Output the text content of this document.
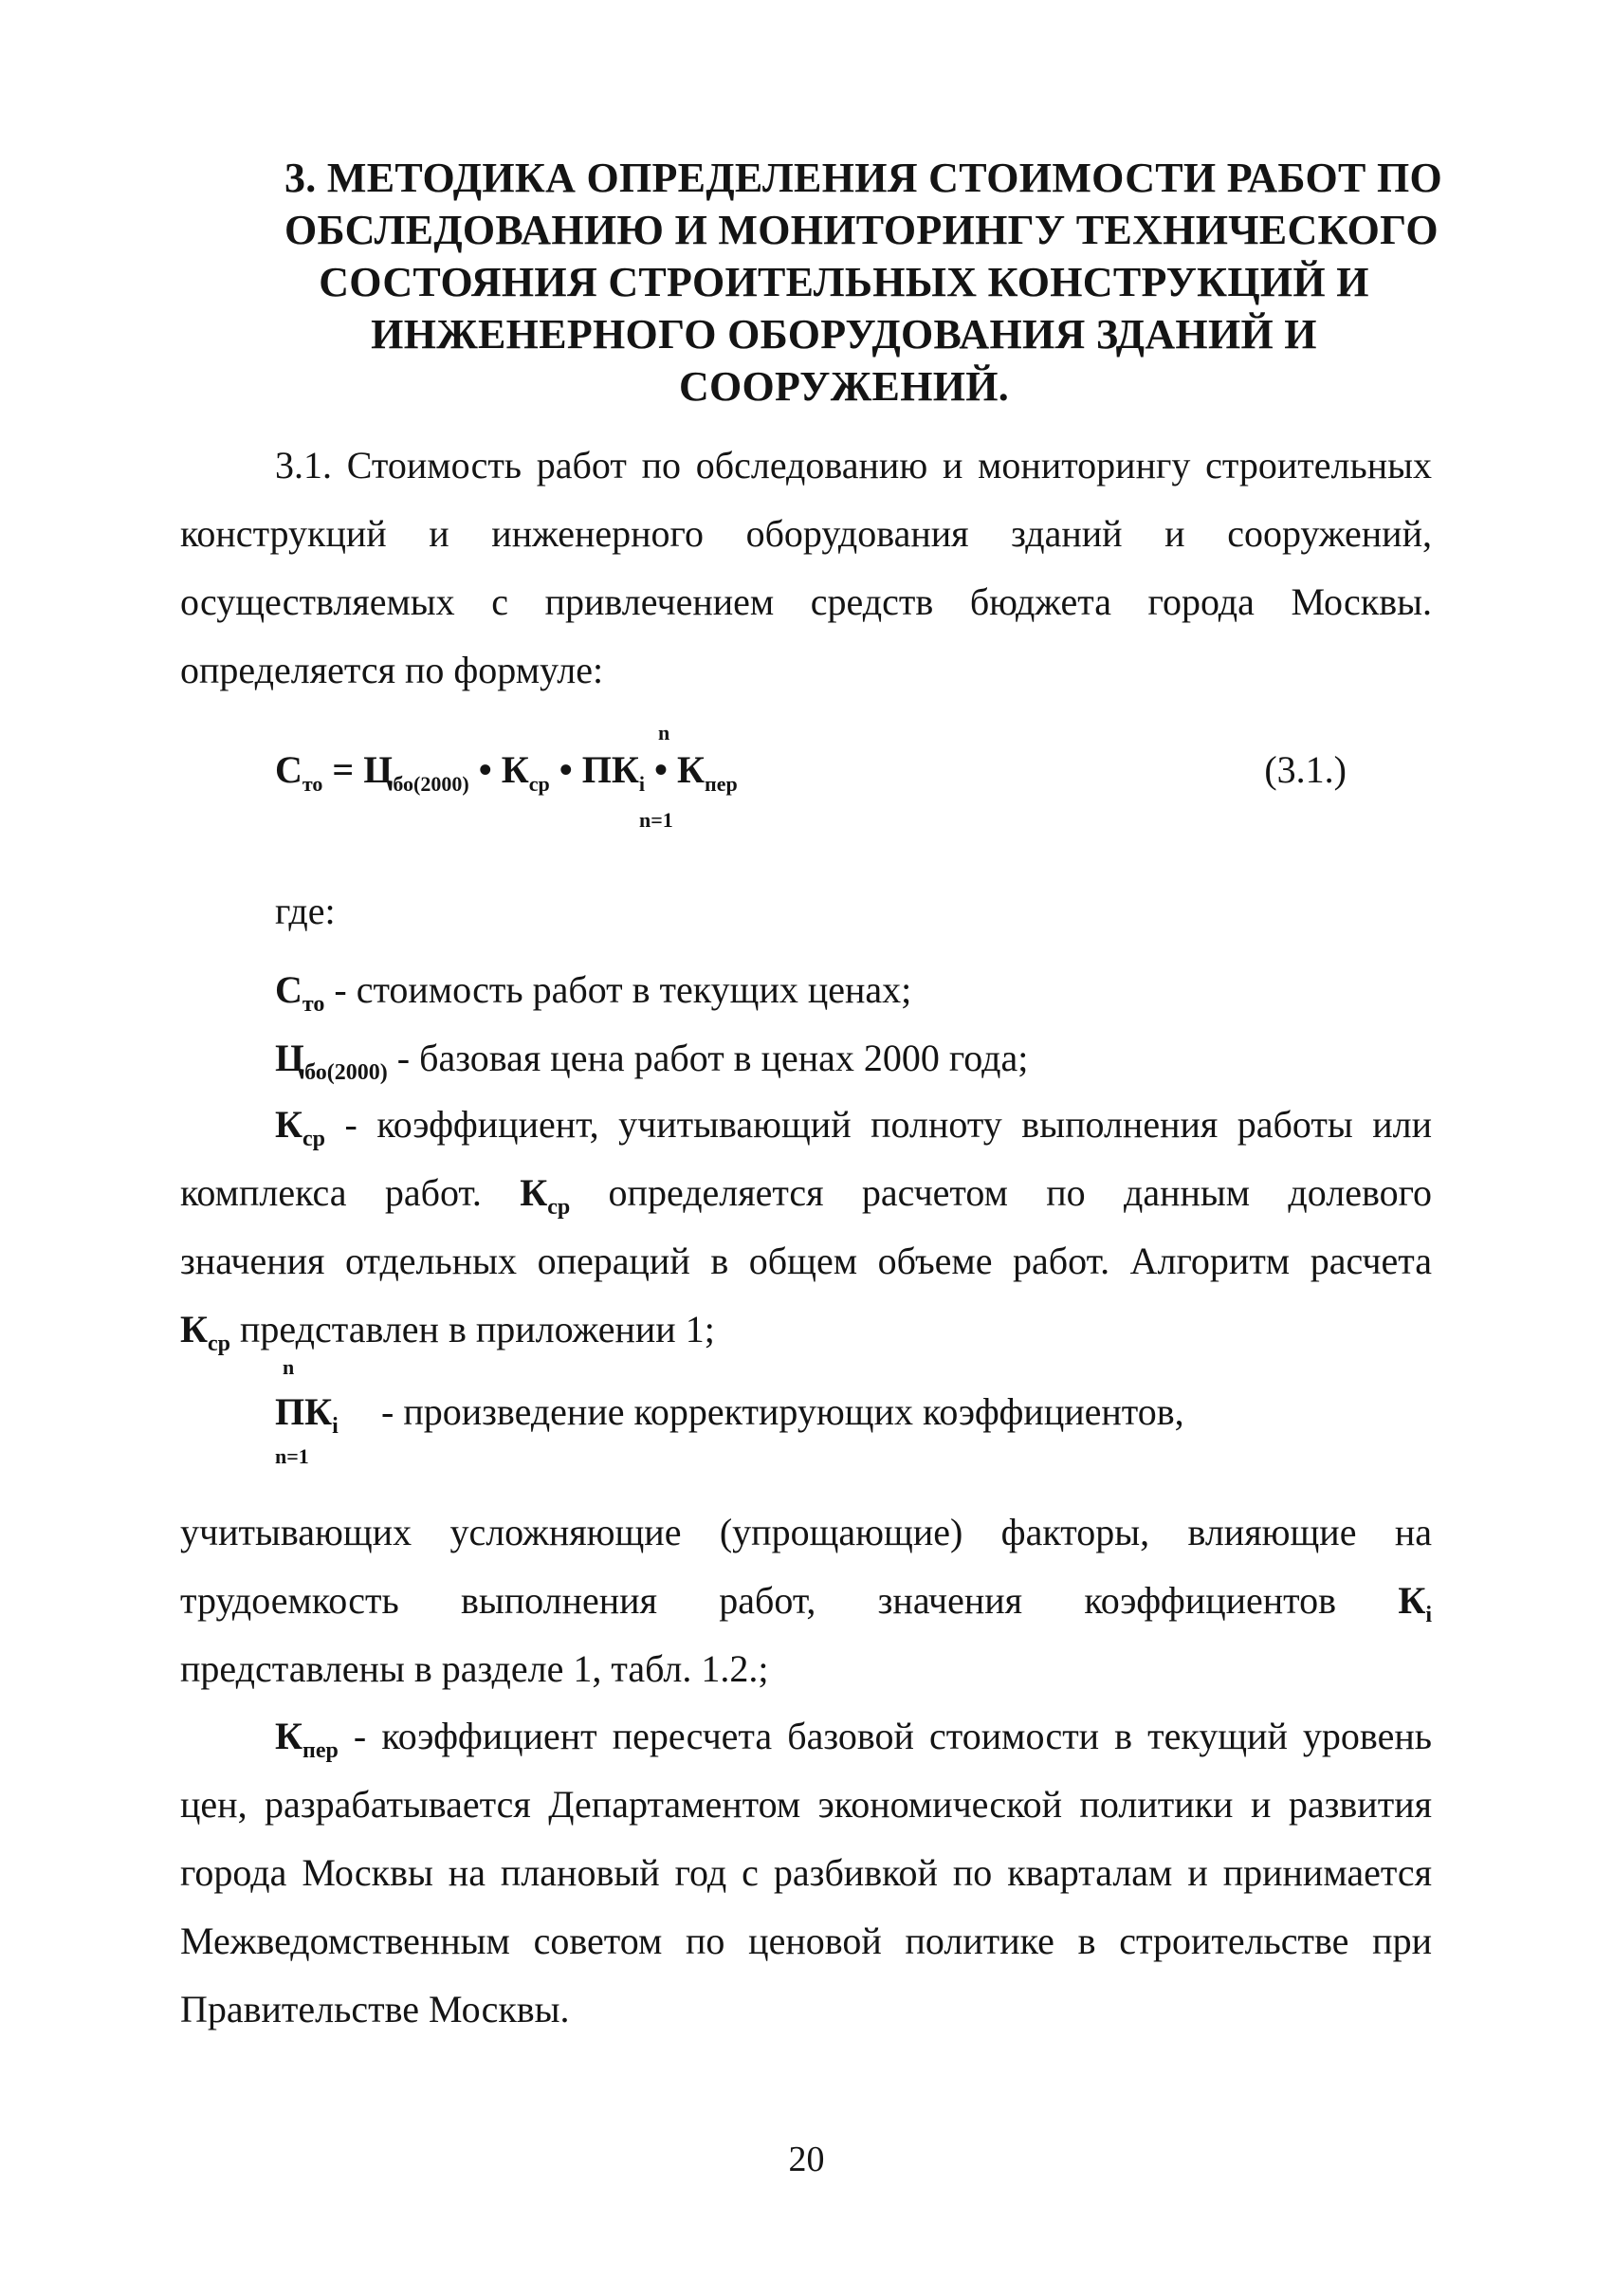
3. МЕТОДИКА ОПРЕДЕЛЕНИЯ СТОИМОСТИ РАБОТ ПО
ОБСЛЕДОВАНИЮ И МОНИТОРИНГУ ТЕХНИЧЕСКОГО
СОСТОЯНИЯ СТРОИТЕЛЬНЫХ КОНСТРУКЦИЙ И
ИНЖЕНЕРНОГО ОБОРУДОВАНИЯ ЗДАНИЙ И
СООРУЖЕНИЙ.
3.1. Стоимость работ по обследованию и мониторингу строительных
конструкций и инженерного оборудования зданий и сооружений,
осуществляемых с привлечением средств бюджета города Москвы.
определяется по формуле:
n
$С_{то} = Ц_{бо(2000)}$ • $К_{ср}$ • $ПК_i$ • $К_{пер}$
n=1
(3.1.)
где:
$С_{то}$ - стоимость работ в текущих ценах;
$Ц_{бо(2000)}$ - базовая цена работ в ценах 2000 года;
$К_{ср}$ - коэффициент, учитывающий полноту выполнения работы или
комплекса работ. $К_{ср}$ определяется расчетом по данным долевого
значения отдельных операций в общем объеме работ. Алгоритм расчета
$К_{ср}$ представлен в приложении 1;
n
$ПК_i$
n=1
- произведение корректирующих коэффициентов,
учитывающих усложняющие (упрощающие) факторы, влияющие на
трудоемкость выполнения работ, значения коэффициентов $К_i$
представлены в разделе 1, табл. 1.2.;
$К_{пер}$ - коэффициент пересчета базовой стоимости в текущий уровень
цен, разрабатывается Департаментом экономической политики и развития
города Москвы на плановый год с разбивкой по кварталам и принимается
Межведомственным советом по ценовой политике в строительстве при
Правительстве Москвы.
20
